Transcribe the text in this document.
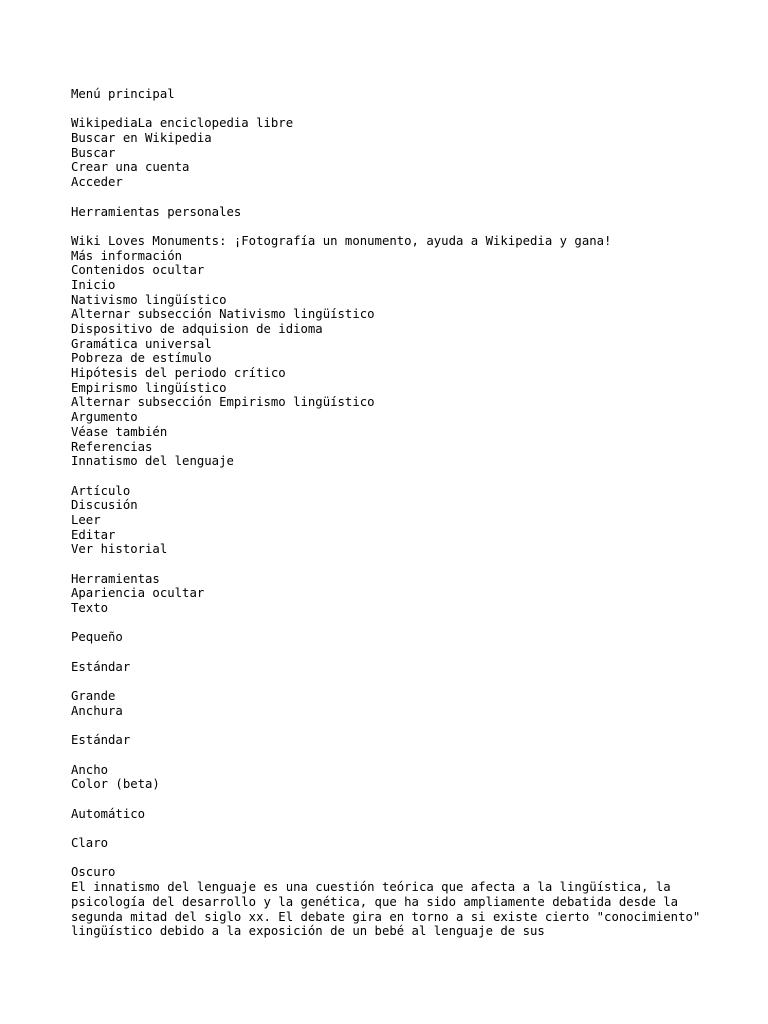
Menú principal
WikipediaLa enciclopedia libre
Buscar en Wikipedia
Buscar
Crear una cuenta
Acceder
Herramientas personales
Wiki Loves Monuments: ¡Fotografía un monumento, ayuda a Wikipedia y gana!
Más información
Contenidos ocultar
Inicio
Nativismo lingüístico
Alternar subsección Nativismo lingüístico
Dispositivo de adquision de idioma
Gramática universal
Pobreza de estímulo
Hipótesis del periodo crítico
Empirismo lingüístico
Alternar subsección Empirismo lingüístico
Argumento
Véase también
Referencias
Innatismo del lenguaje
Artículo
Discusión
Leer
Editar
Ver historial
Herramientas
Apariencia ocultar
Texto
Pequeño
Estándar
Grande
Anchura
Estándar
Ancho
Color (beta)
Automático
Claro
Oscuro
El innatismo del lenguaje es una cuestión teórica que afecta a la lingüística, la psicología del desarrollo y la genética, que ha sido ampliamente debatida desde la segunda mitad del siglo xx. El debate gira en torno a si existe cierto "conocimiento" lingüístico debido a la exposición de un bebé al lenguaje de sus
